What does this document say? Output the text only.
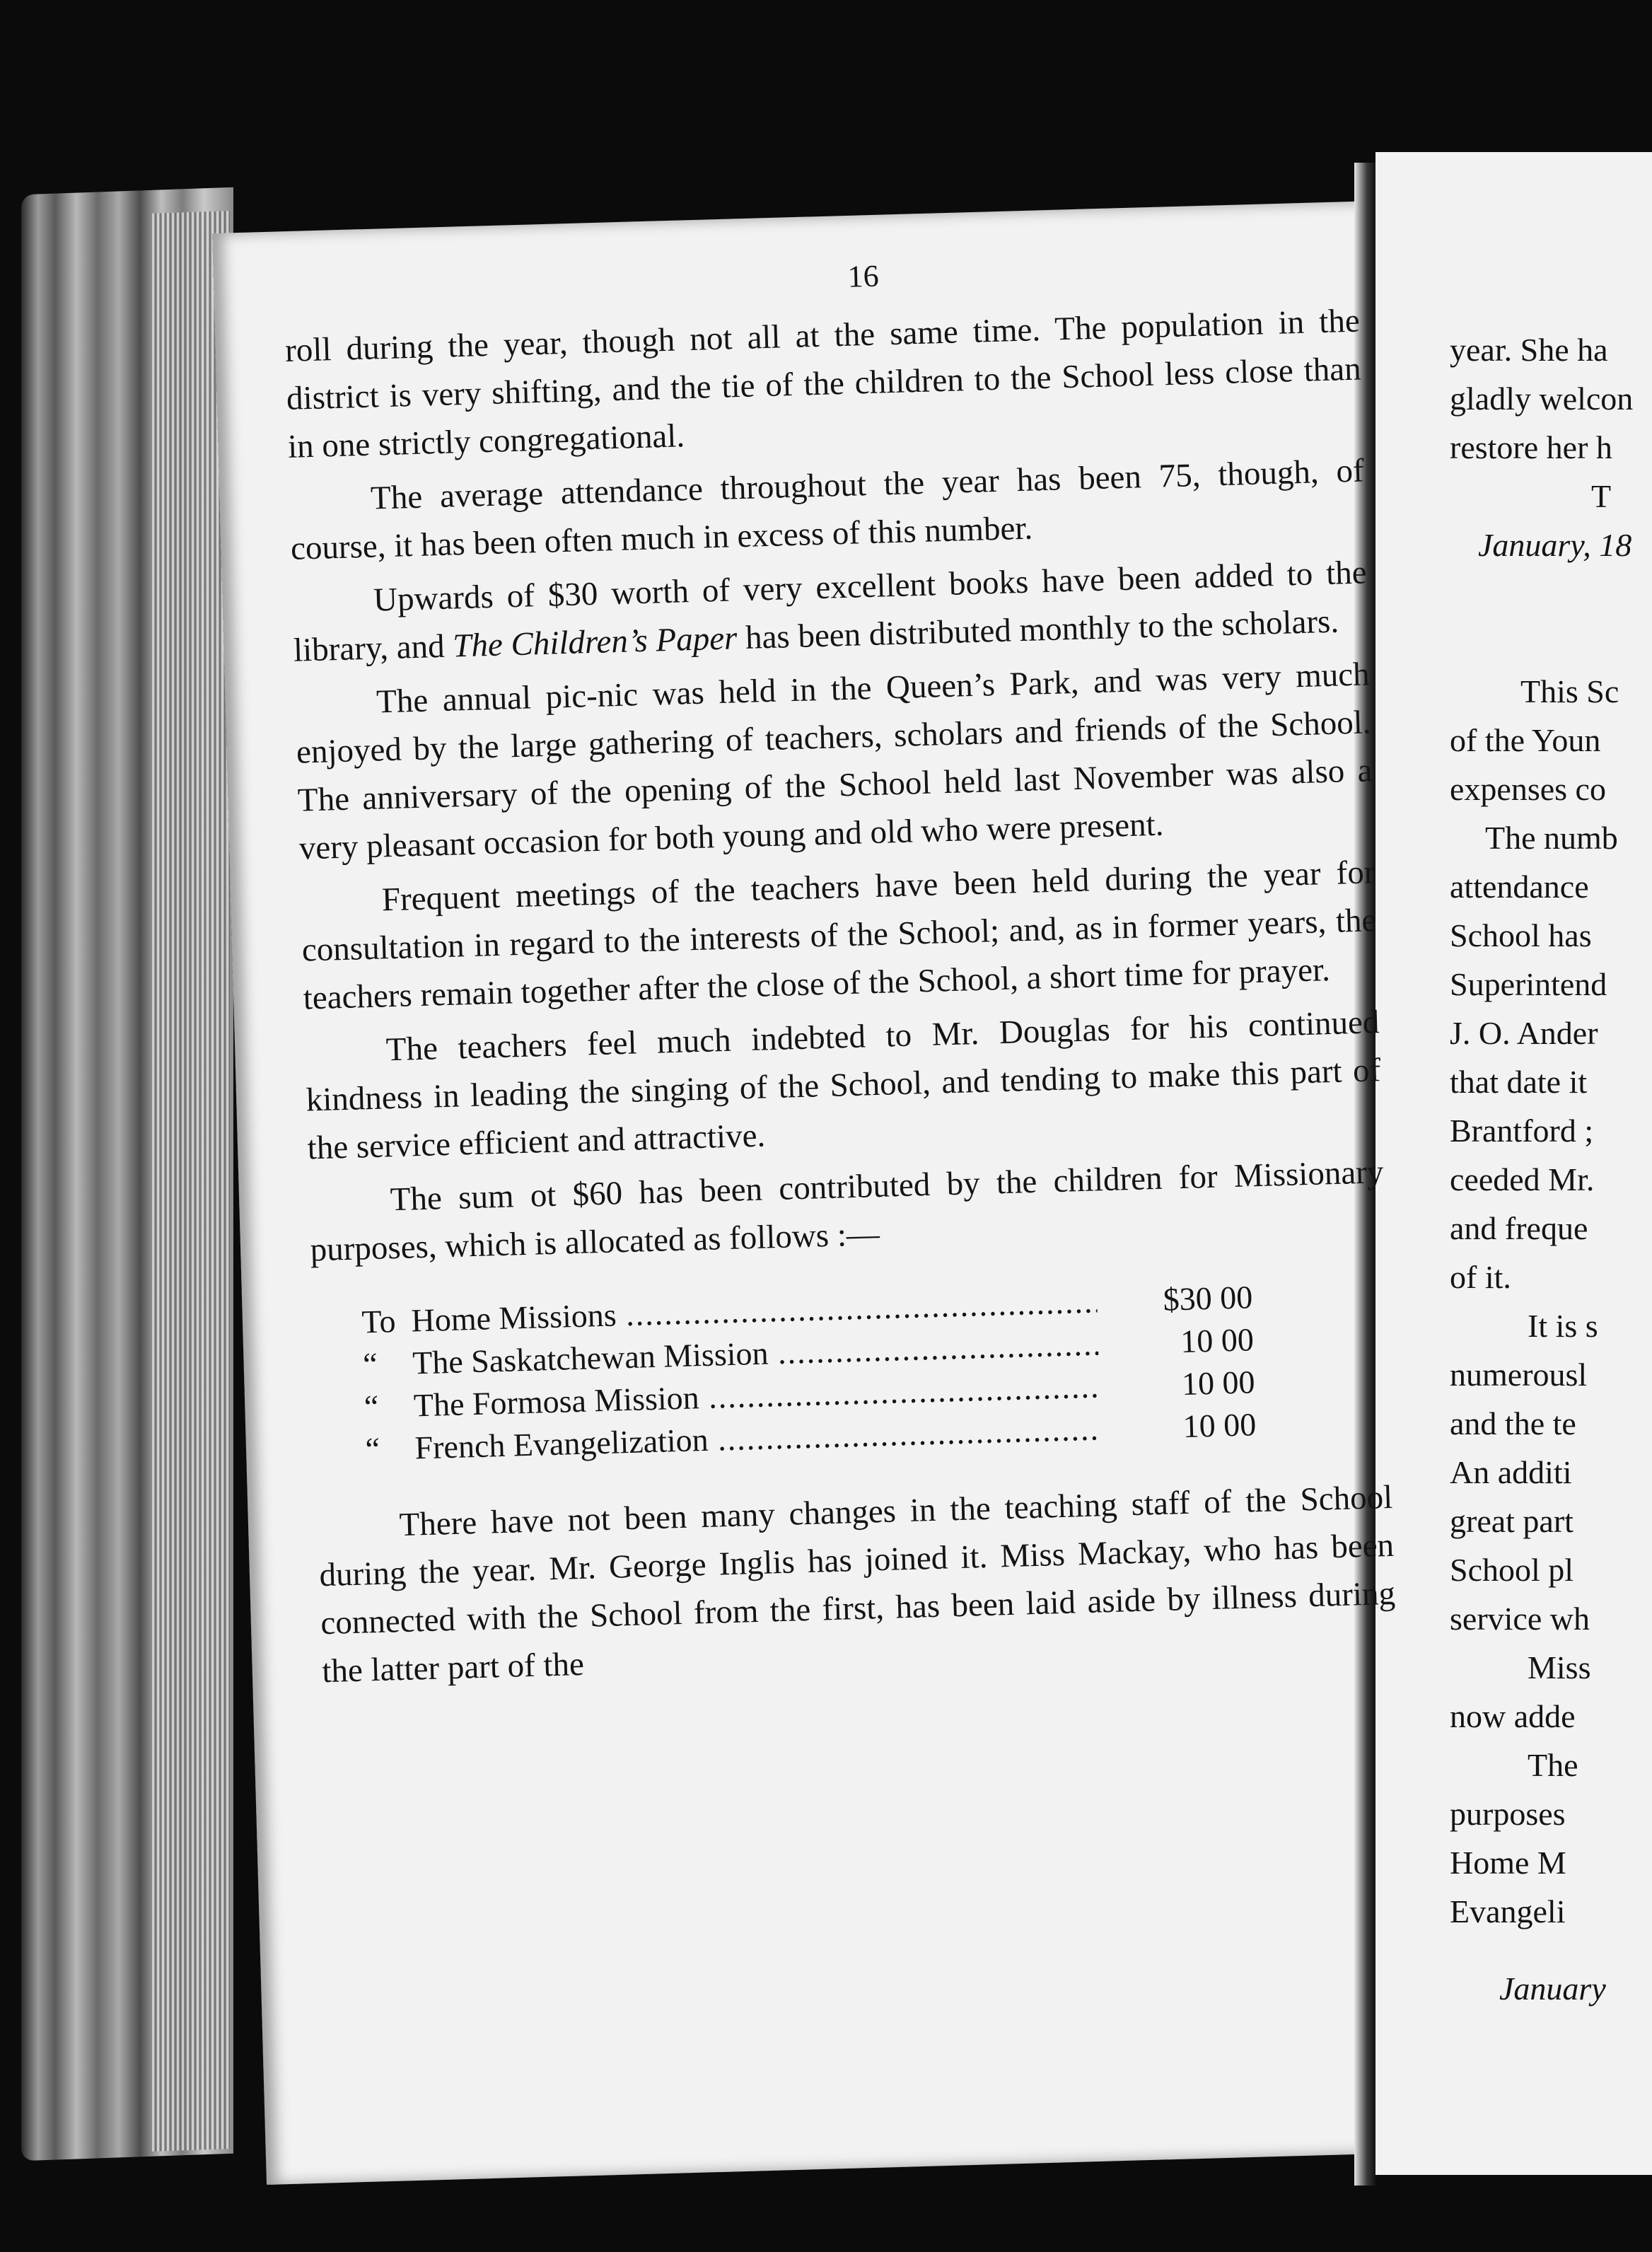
16

roll during the year, though not all at the same time. The population in the district is very shifting, and the tie of the children to the School less close than in one strictly congregational.

The average attendance throughout the year has been 75, though, of course, it has been often much in excess of this number.

Upwards of $30 worth of very excellent books have been added to the library, and The Children’s Paper has been distributed monthly to the scholars.

The annual pic-nic was held in the Queen’s Park, and was very much enjoyed by the large gathering of teachers, scholars and friends of the School. The anniversary of the opening of the School held last November was also a very pleasant occasion for both young and old who were present.

Frequent meetings of the teachers have been held during the year for consultation in regard to the interests of the School; and, as in former years, the teachers remain together after the close of the School, a short time for prayer.

The teachers feel much indebted to Mr. Douglas for his continued kindness in leading the singing of the School, and tending to make this part of the service efficient and attractive.

The sum ot $60 has been contributed by the children for Missionary purposes, which is allocated as follows :—

To Home Missions .....	$30 00
“	The Saskatchewan Mission .....	10 00
“	The Formosa Mission .....	10 00
“	French Evangelization .....	10 00

There have not been many changes in the teaching staff of the School during the year. Mr. George Inglis has joined it. Miss Mackay, who has been connected with the School from the first, has been laid aside by illness during the latter part of the

year. She ha
gladly welcon
restore her h
T
January, 18
This Sc
of the Youn
expenses co
The numb
attendance
School has
Superintend
J. O. Ander
that date it
Brantford ;
ceeded Mr.
and freque
of it.
It is s
numerousl
and the te
An additi
great part
School pl
service wh
Miss
now adde
The
purposes
Home M
Evangeli
January
